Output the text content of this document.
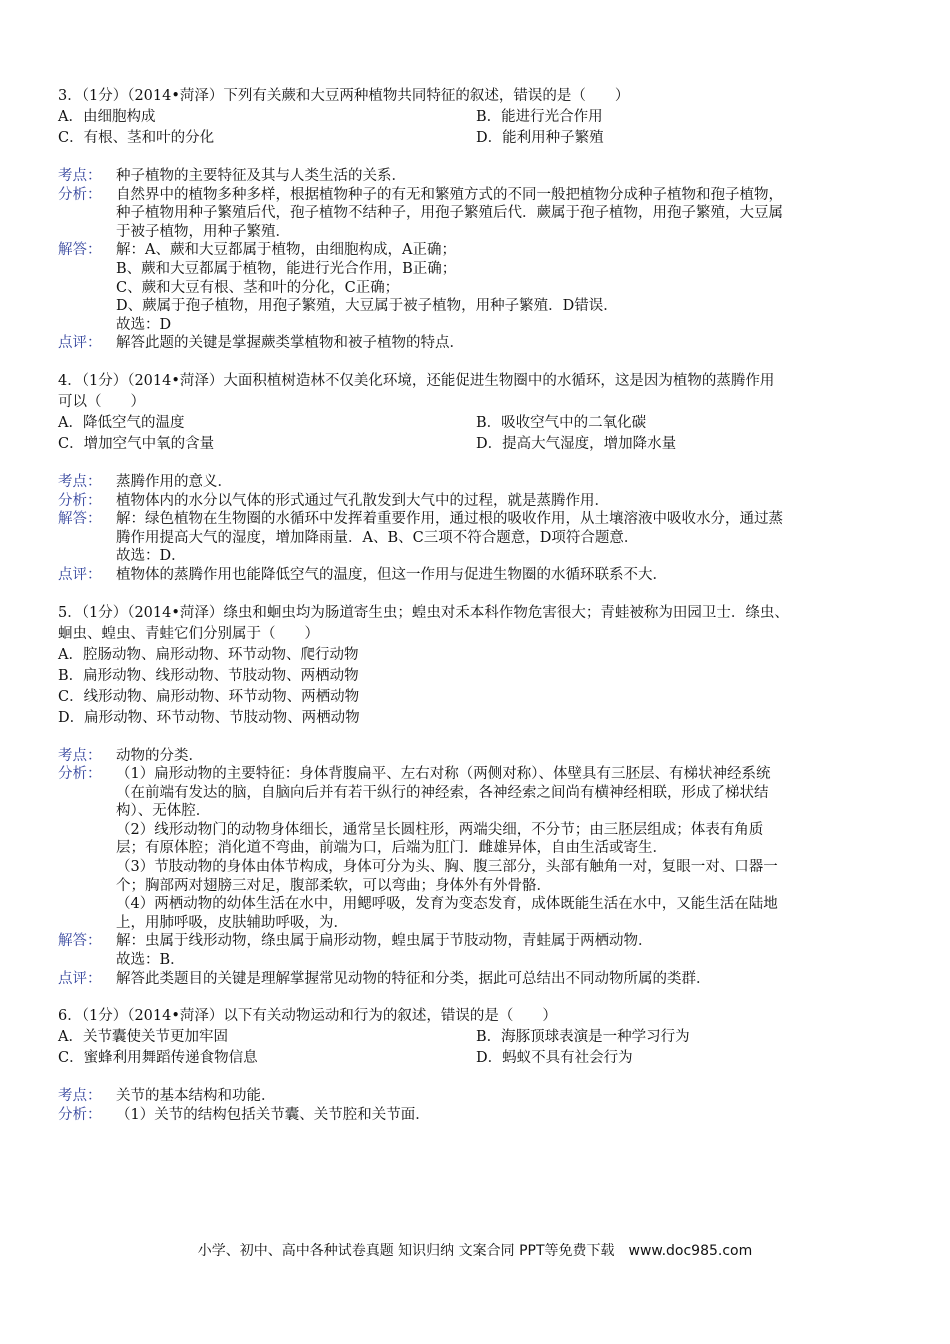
3．（1分）（2014•菏泽）下列有关蕨和大豆两种植物共同特征的叙述，错误的是（　　）

A．由细胞构成	B．能进行光合作用
C．有根、茎和叶的分化	D．能利用种子繁殖
考点：	种子植物的主要特征及其与人类生活的关系．
分析：	自然界中的植物多种多样，根据植物种子的有无和繁殖方式的不同一般把植物分成种子植物和孢子植物，
种子植物用种子繁殖后代，孢子植物不结种子，用孢子繁殖后代．蕨属于孢子植物，用孢子繁殖，大豆属
于被子植物，用种子繁殖．
解答：	解：A、蕨和大豆都属于植物，由细胞构成，A正确；
B、蕨和大豆都属于植物，能进行光合作用，B正确；
C、蕨和大豆有根、茎和叶的分化，C正确；
D、蕨属于孢子植物，用孢子繁殖，大豆属于被子植物，用种子繁殖．D错误．
故选：D
点评：	解答此题的关键是掌握蕨类掌植物和被子植物的特点．

4．（1分）（2014•菏泽）大面积植树造林不仅美化环境，还能促进生物圈中的水循环，这是因为植物的蒸腾作用

可以（　　）

A．降低空气的温度	B．吸收空气中的二氧化碳
C．增加空气中氧的含量	D．提高大气湿度，增加降水量
考点：	蒸腾作用的意义．
分析：	植物体内的水分以气体的形式通过气孔散发到大气中的过程，就是蒸腾作用．
解答：	解：绿色植物在生物圈的水循环中发挥着重要作用，通过根的吸收作用，从土壤溶液中吸收水分，通过蒸
腾作用提高大气的湿度，增加降雨量．A、B、C三项不符合题意，D项符合题意．
故选：D．
点评：	植物体的蒸腾作用也能降低空气的温度，但这一作用与促进生物圈的水循环联系不大．

5．（1分）（2014•菏泽）绦虫和蛔虫均为肠道寄生虫；蝗虫对禾本科作物危害很大；青蛙被称为田园卫士．绦虫、

蛔虫、蝗虫、青蛙它们分别属于（　　）

A．腔肠动物、扁形动物、环节动物、爬行动物
B．扁形动物、线形动物、节肢动物、两栖动物
C．线形动物、扁形动物、环节动物、两栖动物
D．扁形动物、环节动物、节肢动物、两栖动物
考点：	动物的分类．
分析：	（1）扁形动物的主要特征：身体背腹扁平、左右对称（两侧对称）、体壁具有三胚层、有梯状神经系统
（在前端有发达的脑，自脑向后并有若干纵行的神经索，各神经索之间尚有横神经相联，形成了梯状结
构）、无体腔．
（2）线形动物门的动物身体细长，通常呈长圆柱形，两端尖细，不分节；由三胚层组成；体表有角质
层；有原体腔；消化道不弯曲，前端为口，后端为肛门．雌雄异体，自由生活或寄生．
（3）节肢动物的身体由体节构成，身体可分为头、胸、腹三部分，头部有触角一对，复眼一对、口器一
个；胸部两对翅膀三对足，腹部柔软，可以弯曲；身体外有外骨骼．
（4）两栖动物的幼体生活在水中，用鳃呼吸，发育为变态发育，成体既能生活在水中，又能生活在陆地
上，用肺呼吸，皮肤辅助呼吸，为．
解答：	解：虫属于线形动物，绦虫属于扁形动物，蝗虫属于节肢动物，青蛙属于两栖动物．
故选：B．
点评：	解答此类题目的关键是理解掌握常见动物的特征和分类，据此可总结出不同动物所属的类群．

6．（1分）（2014•菏泽）以下有关动物运动和行为的叙述，错误的是（　　）

A．关节囊使关节更加牢固	B．海豚顶球表演是一种学习行为
C．蜜蜂利用舞蹈传递食物信息	D．蚂蚁不具有社会行为
考点：	关节的基本结构和功能．
分析：	（1）关节的结构包括关节囊、关节腔和关节面．
小学、初中、高中各种试卷真题 知识归纳 文案合同 PPT等免费下载　www.doc985.com
